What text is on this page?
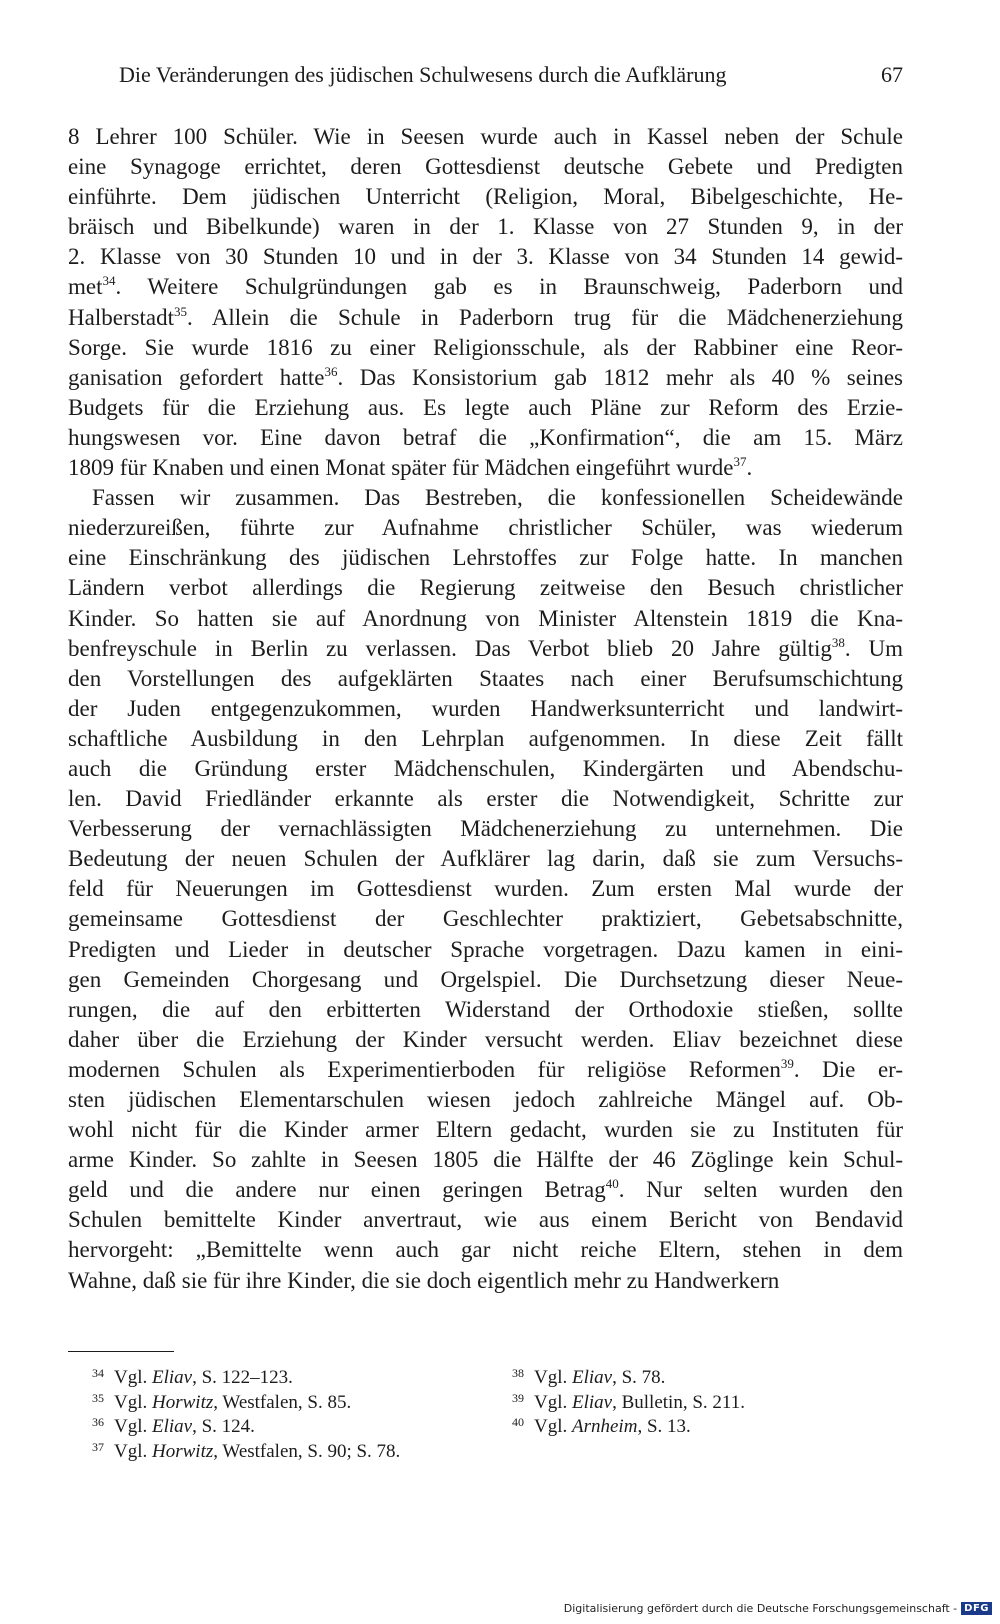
Die Veränderungen des jüdischen Schulwesens durch die Aufklärung	67
8 Lehrer 100 Schüler. Wie in Seesen wurde auch in Kassel neben der Schule
eine Synagoge errichtet, deren Gottesdienst deutsche Gebete und Predigten
einführte. Dem jüdischen Unterricht (Religion, Moral, Bibelgeschichte, He-
bräisch und Bibelkunde) waren in der 1. Klasse von 27 Stunden 9, in der
2. Klasse von 30 Stunden 10 und in der 3. Klasse von 34 Stunden 14 gewid-
met$^{34}$. Weitere Schulgründungen gab es in Braunschweig, Paderborn und
Halberstadt$^{35}$. Allein die Schule in Paderborn trug für die Mädchenerziehung
Sorge. Sie wurde 1816 zu einer Religionsschule, als der Rabbiner eine Reor-
ganisation gefordert hatte$^{36}$. Das Konsistorium gab 1812 mehr als 40 % seines
Budgets für die Erziehung aus. Es legte auch Pläne zur Reform des Erzie-
hungswesen vor. Eine davon betraf die „Konfirmation“, die am 15. März
1809 für Knaben und einen Monat später für Mädchen eingeführt wurde$^{37}$.
Fassen wir zusammen. Das Bestreben, die konfessionellen Scheidewände
niederzureißen, führte zur Aufnahme christlicher Schüler, was wiederum
eine Einschränkung des jüdischen Lehrstoffes zur Folge hatte. In manchen
Ländern verbot allerdings die Regierung zeitweise den Besuch christlicher
Kinder. So hatten sie auf Anordnung von Minister Altenstein 1819 die Kna-
benfreyschule in Berlin zu verlassen. Das Verbot blieb 20 Jahre gültig$^{38}$. Um
den Vorstellungen des aufgeklärten Staates nach einer Berufsumschichtung
der Juden entgegenzukommen, wurden Handwerksunterricht und landwirt-
schaftliche Ausbildung in den Lehrplan aufgenommen. In diese Zeit fällt
auch die Gründung erster Mädchenschulen, Kindergärten und Abendschu-
len. David Friedländer erkannte als erster die Notwendigkeit, Schritte zur
Verbesserung der vernachlässigten Mädchenerziehung zu unternehmen. Die
Bedeutung der neuen Schulen der Aufklärer lag darin, daß sie zum Versuchs-
feld für Neuerungen im Gottesdienst wurden. Zum ersten Mal wurde der
gemeinsame Gottesdienst der Geschlechter praktiziert, Gebetsabschnitte,
Predigten und Lieder in deutscher Sprache vorgetragen. Dazu kamen in eini-
gen Gemeinden Chorgesang und Orgelspiel. Die Durchsetzung dieser Neue-
rungen, die auf den erbitterten Widerstand der Orthodoxie stießen, sollte
daher über die Erziehung der Kinder versucht werden. Eliav bezeichnet diese
modernen Schulen als Experimentierboden für religiöse Reformen$^{39}$. Die er-
sten jüdischen Elementarschulen wiesen jedoch zahlreiche Mängel auf. Ob-
wohl nicht für die Kinder armer Eltern gedacht, wurden sie zu Instituten für
arme Kinder. So zahlte in Seesen 1805 die Hälfte der 46 Zöglinge kein Schul-
geld und die andere nur einen geringen Betrag$^{40}$. Nur selten wurden den
Schulen bemittelte Kinder anvertraut, wie aus einem Bericht von Bendavid
hervorgeht: „Bemittelte wenn auch gar nicht reiche Eltern, stehen in dem
Wahne, daß sie für ihre Kinder, die sie doch eigentlich mehr zu Handwerkern
$^{34}$ Vgl. Eliav, S. 122–123.
$^{35}$ Vgl. Horwitz, Westfalen, S. 85.
$^{36}$ Vgl. Eliav, S. 124.
$^{37}$ Vgl. Horwitz, Westfalen, S. 90; S. 78.
$^{38}$ Vgl. Eliav, S. 78.
$^{39}$ Vgl. Eliav, Bulletin, S. 211.
$^{40}$ Vgl. Arnheim, S. 13.
Digitalisierung gefördert durch die Deutsche Forschungsgemeinschaft - DFG
